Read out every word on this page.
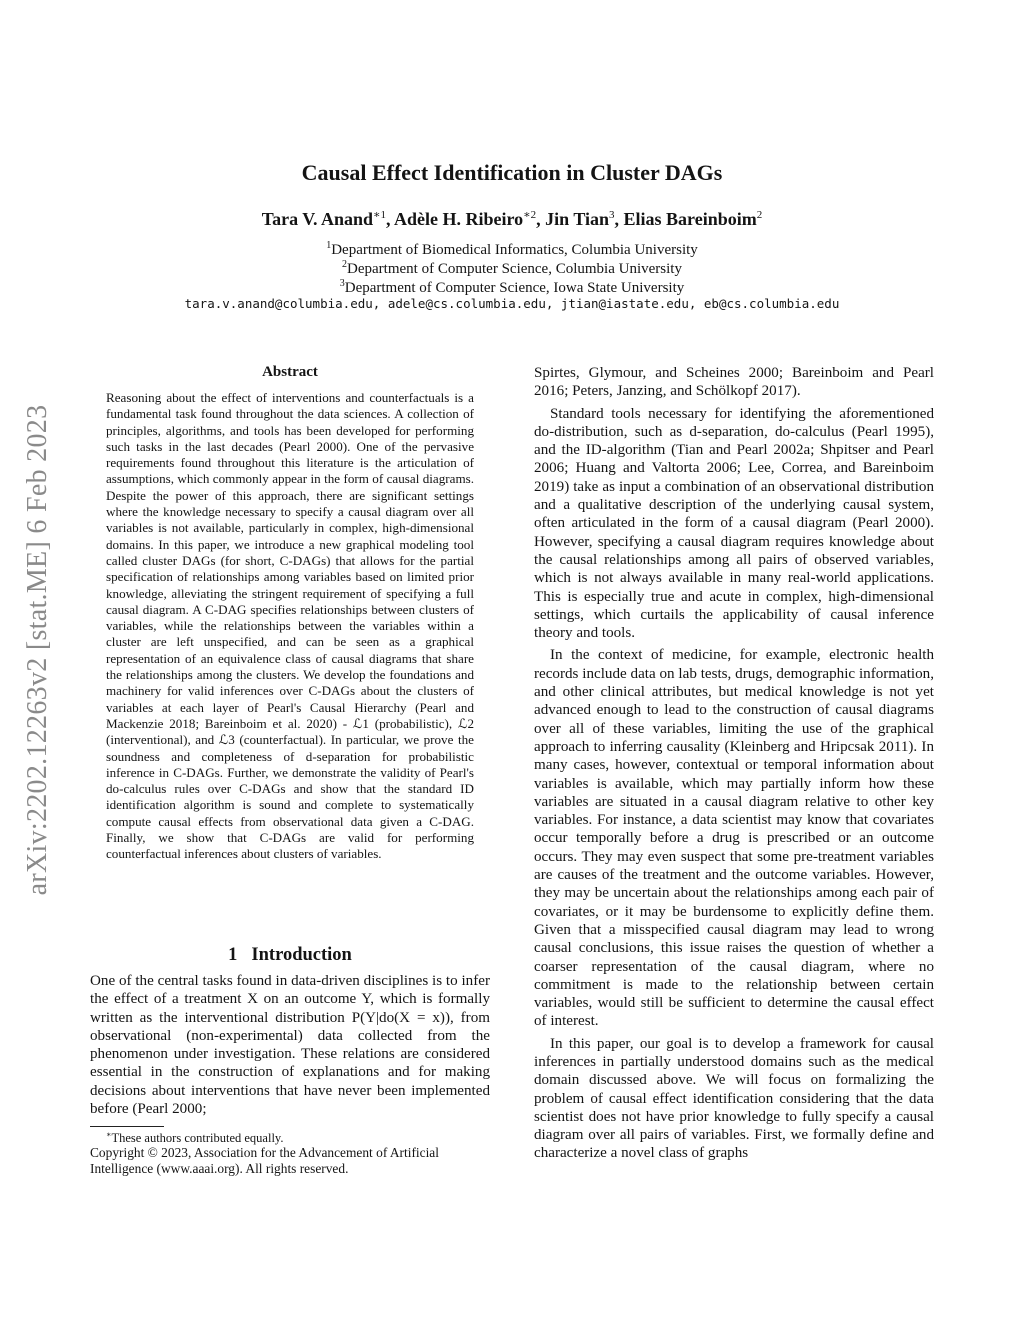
Causal Effect Identification in Cluster DAGs
Tara V. Anand$^{∗1}$, Adèle H. Ribeiro$^{∗2}$, Jin Tian$^3$, Elias Bareinboim$^2$
$^1$Department of Biomedical Informatics, Columbia University
$^2$Department of Computer Science, Columbia University
$^3$Department of Computer Science, Iowa State University
tara.v.anand@columbia.edu, adele@cs.columbia.edu, jtian@iastate.edu, eb@cs.columbia.edu
arXiv:2202.12263v2 [stat.ME] 6 Feb 2023
Abstract
Reasoning about the effect of interventions and counterfactuals is a fundamental task found throughout the data sciences. A collection of principles, algorithms, and tools has been developed for performing such tasks in the last decades (Pearl 2000). One of the pervasive requirements found throughout this literature is the articulation of assumptions, which commonly appear in the form of causal diagrams. Despite the power of this approach, there are significant settings where the knowledge necessary to specify a causal diagram over all variables is not available, particularly in complex, high-dimensional domains. In this paper, we introduce a new graphical modeling tool called cluster DAGs (for short, C-DAGs) that allows for the partial specification of relationships among variables based on limited prior knowledge, alleviating the stringent requirement of specifying a full causal diagram. A C-DAG specifies relationships between clusters of variables, while the relationships between the variables within a cluster are left unspecified, and can be seen as a graphical representation of an equivalence class of causal diagrams that share the relationships among the clusters. We develop the foundations and machinery for valid inferences over C-DAGs about the clusters of variables at each layer of Pearl's Causal Hierarchy (Pearl and Mackenzie 2018; Bareinboim et al. 2020) - ℒ1 (probabilistic), ℒ2 (interventional), and ℒ3 (counterfactual). In particular, we prove the soundness and completeness of d-separation for probabilistic inference in C-DAGs. Further, we demonstrate the validity of Pearl's do-calculus rules over C-DAGs and show that the standard ID identification algorithm is sound and complete to systematically compute causal effects from observational data given a C-DAG. Finally, we show that C-DAGs are valid for performing counterfactual inferences about clusters of variables.
1 Introduction
One of the central tasks found in data-driven disciplines is to infer the effect of a treatment X on an outcome Y, which is formally written as the interventional distribution P(Y|do(X = x)), from observational (non-experimental) data collected from the phenomenon under investigation. These relations are considered essential in the construction of explanations and for making decisions about interventions that have never been implemented before (Pearl 2000;
∗These authors contributed equally.
Copyright © 2023, Association for the Advancement of Artificial Intelligence (www.aaai.org). All rights reserved.

Spirtes, Glymour, and Scheines 2000; Bareinboim and Pearl 2016; Peters, Janzing, and Schölkopf 2017).

Standard tools necessary for identifying the aforementioned do-distribution, such as d-separation, do-calculus (Pearl 1995), and the ID-algorithm (Tian and Pearl 2002a; Shpitser and Pearl 2006; Huang and Valtorta 2006; Lee, Correa, and Bareinboim 2019) take as input a combination of an observational distribution and a qualitative description of the underlying causal system, often articulated in the form of a causal diagram (Pearl 2000). However, specifying a causal diagram requires knowledge about the causal relationships among all pairs of observed variables, which is not always available in many real-world applications. This is especially true and acute in complex, high-dimensional settings, which curtails the applicability of causal inference theory and tools.

In the context of medicine, for example, electronic health records include data on lab tests, drugs, demographic information, and other clinical attributes, but medical knowledge is not yet advanced enough to lead to the construction of causal diagrams over all of these variables, limiting the use of the graphical approach to inferring causality (Kleinberg and Hripcsak 2011). In many cases, however, contextual or temporal information about variables is available, which may partially inform how these variables are situated in a causal diagram relative to other key variables. For instance, a data scientist may know that covariates occur temporally before a drug is prescribed or an outcome occurs. They may even suspect that some pre-treatment variables are causes of the treatment and the outcome variables. However, they may be uncertain about the relationships among each pair of covariates, or it may be burdensome to explicitly define them. Given that a misspecified causal diagram may lead to wrong causal conclusions, this issue raises the question of whether a coarser representation of the causal diagram, where no commitment is made to the relationship between certain variables, would still be sufficient to determine the causal effect of interest.

In this paper, our goal is to develop a framework for causal inferences in partially understood domains such as the medical domain discussed above. We will focus on formalizing the problem of causal effect identification considering that the data scientist does not have prior knowledge to fully specify a causal diagram over all pairs of variables. First, we formally define and characterize a novel class of graphs
